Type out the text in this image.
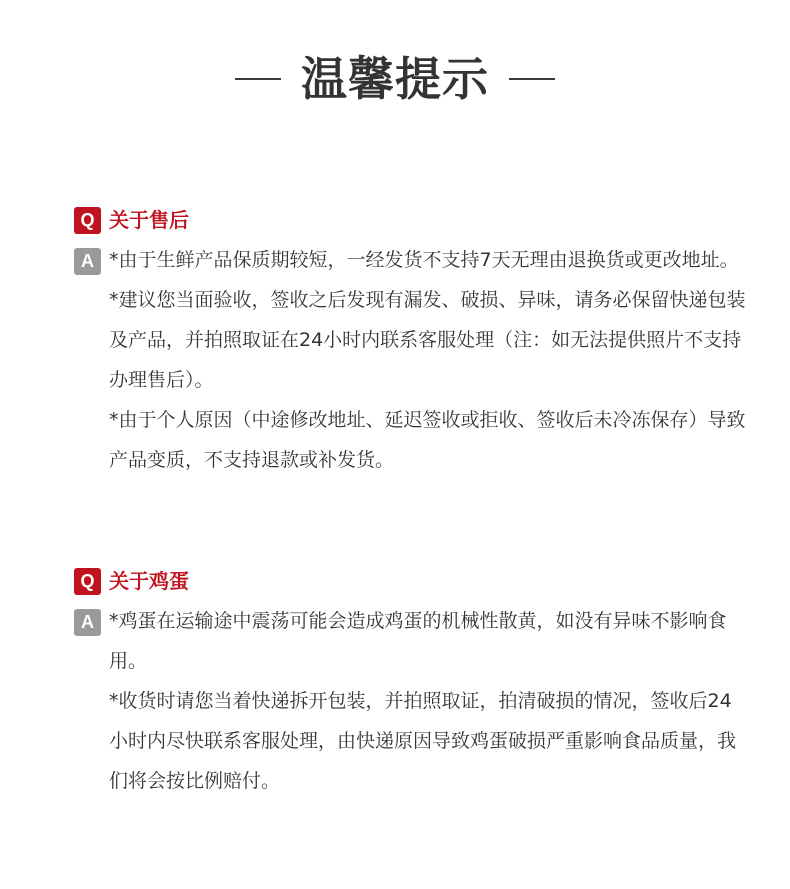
温馨提示
Q 关于售后
A *由于生鲜产品保质期较短，一经发货不支持7天无理由退换货或更改地址。

*建议您当面验收，签收之后发现有漏发、破损、异味，请务必保留快递包装及产品，并拍照取证在24小时内联系客服处理（注：如无法提供照片不支持办理售后）。

*由于个人原因（中途修改地址、延迟签收或拒收、签收后未冷冻保存）导致产品变质，不支持退款或补发货。

Q 关于鸡蛋
A *鸡蛋在运输途中震荡可能会造成鸡蛋的机械性散黄，如没有异味不影响食用。

*收货时请您当着快递拆开包装，并拍照取证，拍清破损的情况，签收后24小时内尽快联系客服处理，由快递原因导致鸡蛋破损严重影响食品质量，我们将会按比例赔付。
